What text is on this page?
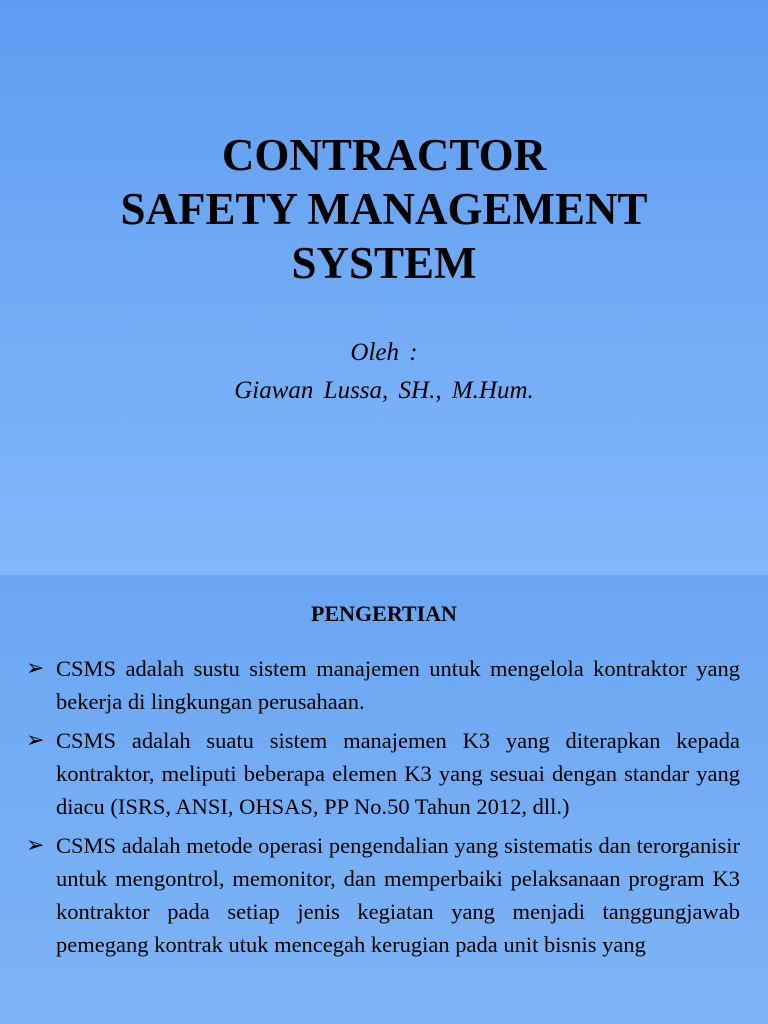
CONTRACTOR
SAFETY MANAGEMENT
SYSTEM
Oleh :
Giawan Lussa, SH., M.Hum.
PENGERTIAN
➢ CSMS adalah sustu sistem manajemen untuk mengelola kontraktor yang bekerja di lingkungan perusahaan.
➢ CSMS adalah suatu sistem manajemen K3 yang diterapkan kepada kontraktor, meliputi beberapa elemen K3 yang sesuai dengan standar yang diacu (ISRS, ANSI, OHSAS, PP No.50 Tahun 2012, dll.)
➢ CSMS adalah metode operasi pengendalian yang sistematis dan terorganisir untuk mengontrol, memonitor, dan memperbaiki pelaksanaan program K3 kontraktor pada setiap jenis kegiatan yang menjadi tanggungjawab pemegang kontrak utuk mencegah kerugian pada unit bisnis yang
